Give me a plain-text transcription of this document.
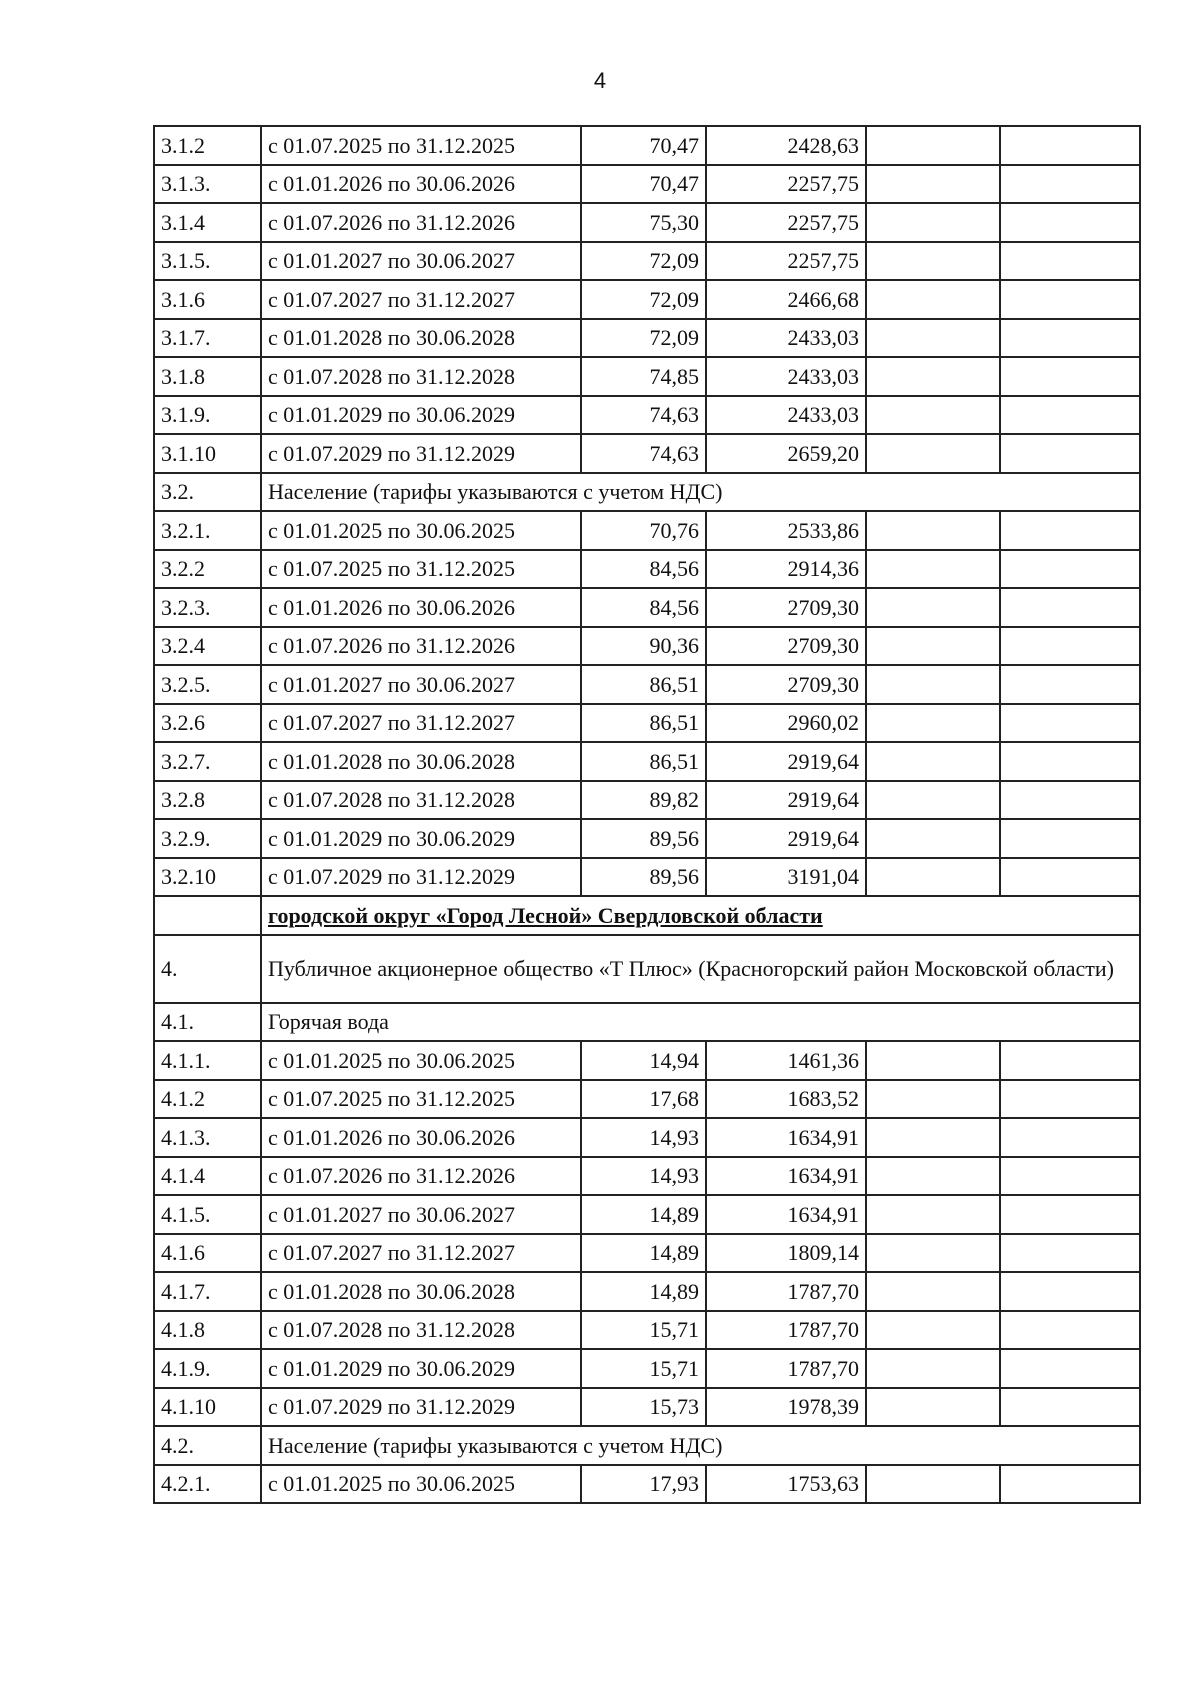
4
3.1.2	с 01.07.2025 по 31.12.2025	70,47	2428,63		
3.1.3.	с 01.01.2026 по 30.06.2026	70,47	2257,75		
3.1.4	с 01.07.2026 по 31.12.2026	75,30	2257,75		
3.1.5.	с 01.01.2027 по 30.06.2027	72,09	2257,75		
3.1.6	с 01.07.2027 по 31.12.2027	72,09	2466,68		
3.1.7.	с 01.01.2028 по 30.06.2028	72,09	2433,03		
3.1.8	с 01.07.2028 по 31.12.2028	74,85	2433,03		
3.1.9.	с 01.01.2029 по 30.06.2029	74,63	2433,03		
3.1.10	с 01.07.2029 по 31.12.2029	74,63	2659,20		
3.2.	Население (тарифы указываются с учетом НДС)				
3.2.1.	с 01.01.2025 по 30.06.2025	70,76	2533,86		
3.2.2	с 01.07.2025 по 31.12.2025	84,56	2914,36		
3.2.3.	с 01.01.2026 по 30.06.2026	84,56	2709,30		
3.2.4	с 01.07.2026 по 31.12.2026	90,36	2709,30		
3.2.5.	с 01.01.2027 по 30.06.2027	86,51	2709,30		
3.2.6	с 01.07.2027 по 31.12.2027	86,51	2960,02		
3.2.7.	с 01.01.2028 по 30.06.2028	86,51	2919,64		
3.2.8	с 01.07.2028 по 31.12.2028	89,82	2919,64		
3.2.9.	с 01.01.2029 по 30.06.2029	89,56	2919,64		
3.2.10	с 01.07.2029 по 31.12.2029	89,56	3191,04		
	городской округ «Город Лесной» Свердловской области				
4.	Публичное акционерное общество «Т Плюс» (Красногорский район Московской области)				
4.1.	Горячая вода				
4.1.1.	с 01.01.2025 по 30.06.2025	14,94	1461,36		
4.1.2	с 01.07.2025 по 31.12.2025	17,68	1683,52		
4.1.3.	с 01.01.2026 по 30.06.2026	14,93	1634,91		
4.1.4	с 01.07.2026 по 31.12.2026	14,93	1634,91		
4.1.5.	с 01.01.2027 по 30.06.2027	14,89	1634,91		
4.1.6	с 01.07.2027 по 31.12.2027	14,89	1809,14		
4.1.7.	с 01.01.2028 по 30.06.2028	14,89	1787,70		
4.1.8	с 01.07.2028 по 31.12.2028	15,71	1787,70		
4.1.9.	с 01.01.2029 по 30.06.2029	15,71	1787,70		
4.1.10	с 01.07.2029 по 31.12.2029	15,73	1978,39		
4.2.	Население (тарифы указываются с учетом НДС)				
4.2.1.	с 01.01.2025 по 30.06.2025	17,93	1753,63		
